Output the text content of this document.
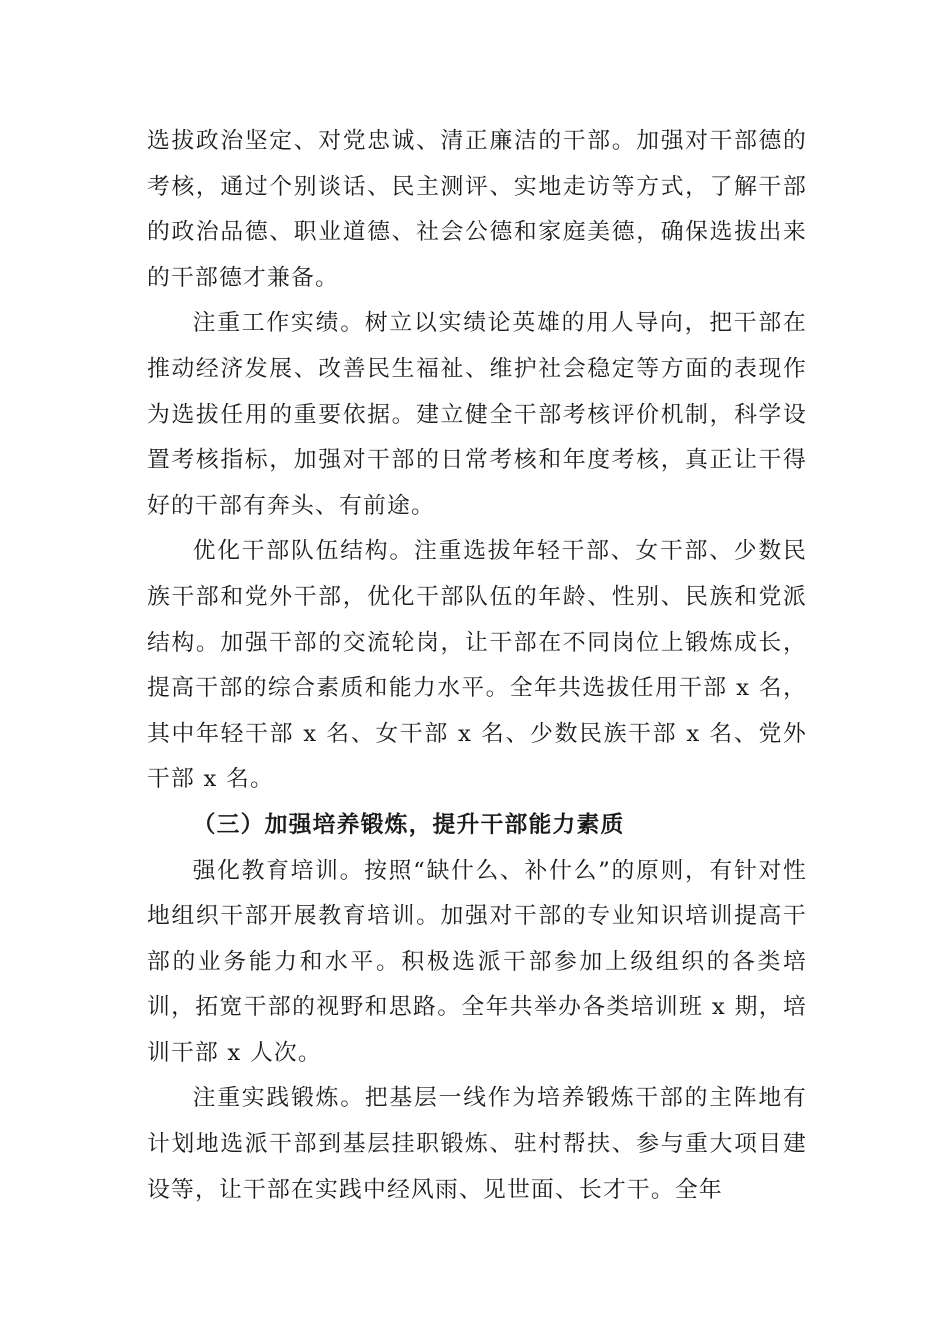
选拔政治坚定、对党忠诚、清正廉洁的干部。加强对干部德的考核，通过个别谈话、民主测评、实地走访等方式，了解干部的政治品德、职业道德、社会公德和家庭美德，确保选拔出来的干部德才兼备。

注重工作实绩。树立以实绩论英雄的用人导向，把干部在推动经济发展、改善民生福祉、维护社会稳定等方面的表现作为选拔任用的重要依据。建立健全干部考核评价机制，科学设置考核指标，加强对干部的日常考核和年度考核，真正让干得好的干部有奔头、有前途。

优化干部队伍结构。注重选拔年轻干部、女干部、少数民族干部和党外干部，优化干部队伍的年龄、性别、民族和党派结构。加强干部的交流轮岗，让干部在不同岗位上锻炼成长，提高干部的综合素质和能力水平。全年共选拔任用干部 x 名，其中年轻干部 x 名、女干部 x 名、少数民族干部 x 名、党外干部 x 名。

（三）加强培养锻炼，提升干部能力素质

强化教育培训。按照“缺什么、补什么”的原则，有针对性地组织干部开展教育培训。加强对干部的专业知识培训提高干部的业务能力和水平。积极选派干部参加上级组织的各类培训，拓宽干部的视野和思路。全年共举办各类培训班 x 期，培训干部 x 人次。

注重实践锻炼。把基层一线作为培养锻炼干部的主阵地有计划地选派干部到基层挂职锻炼、驻村帮扶、参与重大项目建设等，让干部在实践中经风雨、见世面、长才干。全年
